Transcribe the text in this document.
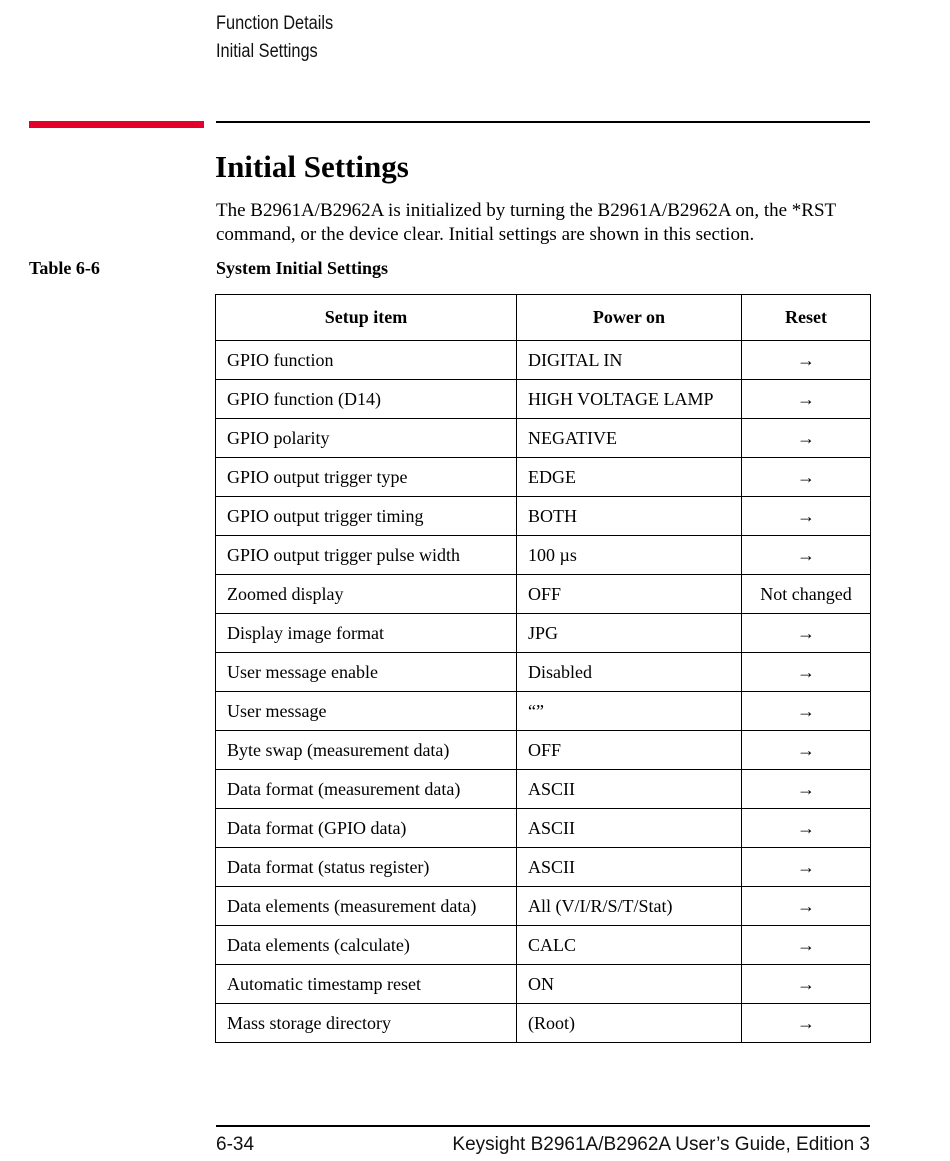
Function Details
Initial Settings
Initial Settings

The B2961A/B2962A is initialized by turning the B2961A/B2962A on, the *RST command, or the device clear. Initial settings are shown in this section.

Table 6-6	System Initial Settings
Setup item	Power on	Reset
GPIO function	DIGITAL IN	→
GPIO function (D14)	HIGH VOLTAGE LAMP	→
GPIO polarity	NEGATIVE	→
GPIO output trigger type	EDGE	→
GPIO output trigger timing	BOTH	→
GPIO output trigger pulse width	100 µs	→
Zoomed display	OFF	Not changed
Display image format	JPG	→
User message enable	Disabled	→
User message	“”	→
Byte swap (measurement data)	OFF	→
Data format (measurement data)	ASCII	→
Data format (GPIO data)	ASCII	→
Data format (status register)	ASCII	→
Data elements (measurement data)	All (V/I/R/S/T/Stat)	→
Data elements (calculate)	CALC	→
Automatic timestamp reset	ON	→
Mass storage directory	(Root)	→
6-34	Keysight B2961A/B2962A User’s Guide, Edition 3
